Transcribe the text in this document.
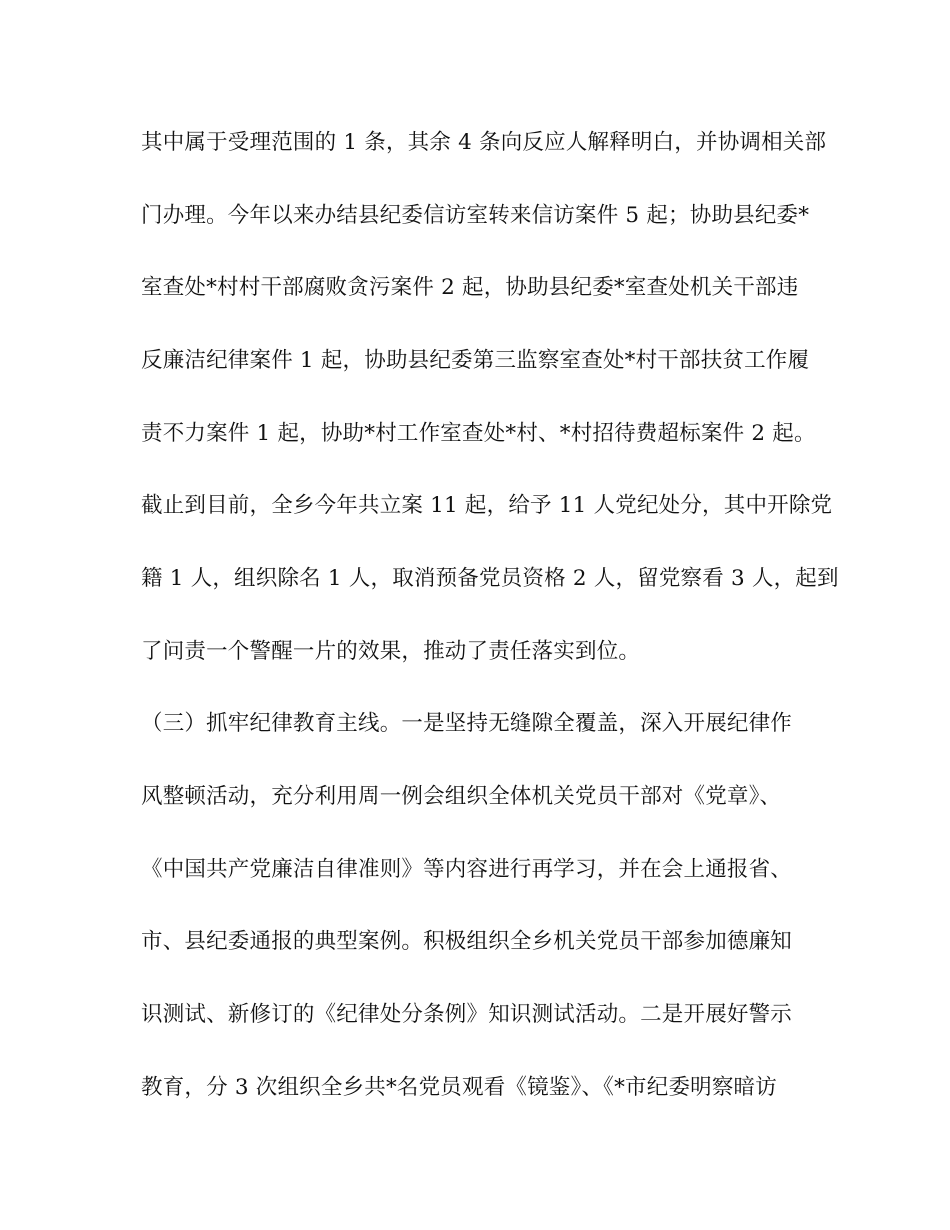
其中属于受理范围的 1 条，其余 4 条向反应人解释明白，并协调相关部
门办理。今年以来办结县纪委信访室转来信访案件 5 起；协助县纪委*
室查处*村村干部腐败贪污案件 2 起，协助县纪委*室查处机关干部违
反廉洁纪律案件 1 起，协助县纪委第三监察室查处*村干部扶贫工作履
责不力案件 1 起，协助*村工作室查处*村、*村招待费超标案件 2 起。
截止到目前，全乡今年共立案 11 起，给予 11 人党纪处分，其中开除党
籍 1 人，组织除名 1 人，取消预备党员资格 2 人，留党察看 3 人，起到
了问责一个警醒一片的效果，推动了责任落实到位。
（三）抓牢纪律教育主线。一是坚持无缝隙全覆盖，深入开展纪律作
风整顿活动，充分利用周一例会组织全体机关党员干部对《党章》、
《中国共产党廉洁自律准则》等内容进行再学习，并在会上通报省、
市、县纪委通报的典型案例。积极组织全乡机关党员干部参加德廉知
识测试、新修订的《纪律处分条例》知识测试活动。二是开展好警示
教育，分 3 次组织全乡共*名党员观看《镜鉴》、《*市纪委明察暗访
